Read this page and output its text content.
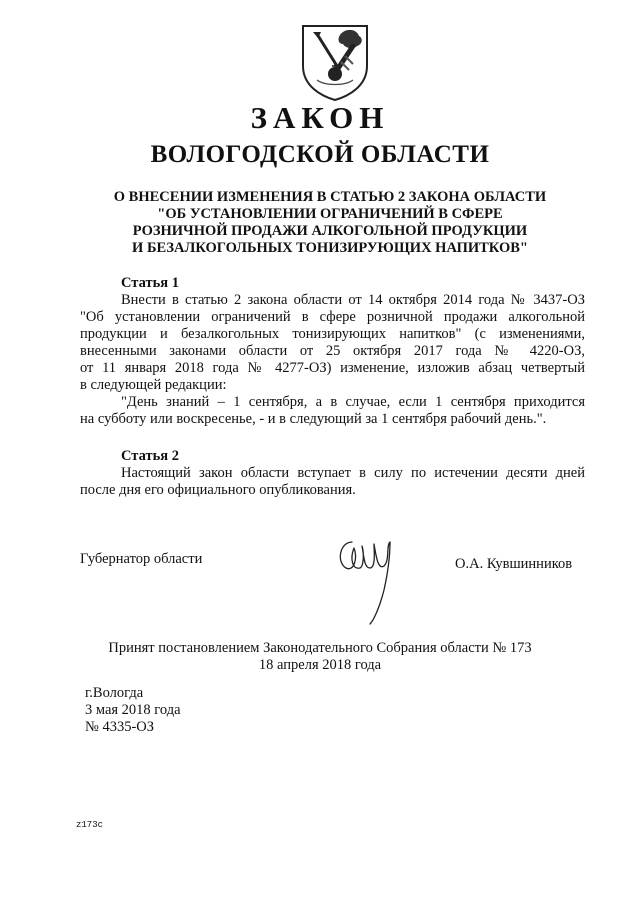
ЗАКОН
ВОЛОГОДСКОЙ ОБЛАСТИ
О ВНЕСЕНИИ ИЗМЕНЕНИЯ В СТАТЬЮ 2 ЗАКОНА ОБЛАСТИ
"ОБ УСТАНОВЛЕНИИ ОГРАНИЧЕНИЙ В СФЕРЕ
РОЗНИЧНОЙ ПРОДАЖИ АЛКОГОЛЬНОЙ ПРОДУКЦИИ
И БЕЗАЛКОГОЛЬНЫХ ТОНИЗИРУЮЩИХ НАПИТКОВ"
Статья 1
Внести в статью 2 закона области от 14 октября 2014 года № 3437-ОЗ
"Об установлении ограничений в сфере розничной продажи алкогольной
продукции и безалкогольных тонизирующих напитков" (с изменениями,
внесенными законами области от 25 октября 2017 года № 4220-ОЗ,
от 11 января 2018 года № 4277-ОЗ) изменение, изложив абзац четвертый
в следующей редакции:
"День знаний – 1 сентября, а в случае, если 1 сентября приходится
на субботу или воскресенье, - и в следующий за 1 сентября рабочий день.".
Статья 2
Настоящий закон области вступает в силу по истечении десяти дней
после дня его официального опубликования.
Губернатор области	О.А. Кувшинников
Принят постановлением Законодательного Собрания области № 173
18 апреля 2018 года
г.Вологда
3 мая 2018 года
№ 4335-ОЗ
z173c
